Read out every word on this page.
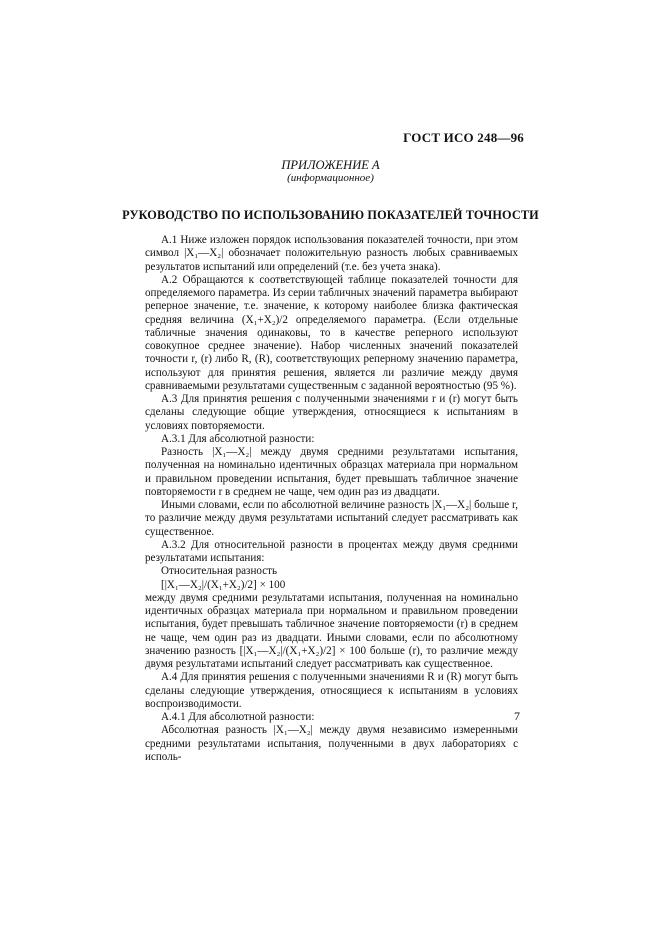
ГОСТ ИСО 248—96
ПРИЛОЖЕНИЕ А
(информационное)
РУКОВОДСТВО ПО ИСПОЛЬЗОВАНИЮ ПОКАЗАТЕЛЕЙ ТОЧНОСТИ

А.1 Ниже изложен порядок использования показателей точности, при этом символ |X₁—X₂| обозначает положительную разность любых сравниваемых результатов испытаний или определений (т.е. без учета знака).

А.2 Обращаются к соответствующей таблице показателей точности для определяемого параметра. Из серии табличных значений параметра выбирают реперное значение, т.е. значение, к которому наиболее близка фактическая средняя величина (X₁+X₂)/2 определяемого параметра. (Если отдельные табличные значения одинаковы, то в качестве реперного используют совокупное среднее значение). Набор численных значений показателей точности r, (r) либо R, (R), соответствующих реперному значению параметра, используют для принятия решения, является ли различие между двумя сравниваемыми результатами существенным с заданной вероятностью (95 %).

А.3 Для принятия решения с полученными значениями r и (r) могут быть сделаны следующие общие утверждения, относящиеся к испытаниям в условиях повторяемости.

А.3.1 Для абсолютной разности:

Разность |X₁—X₂| между двумя средними результатами испытания, полученная на номинально идентичных образцах материала при нормальном и правильном проведении испытания, будет превышать табличное значение повторяемости r в среднем не чаще, чем один раз из двадцати.

Иными словами, если по абсолютной величине разность |X₁—X₂| больше r, то различие между двумя результатами испытаний следует рассматривать как существенное.

А.3.2 Для относительной разности в процентах между двумя средними результатами испытания:

Относительная разность

[|X₁—X₂|/(X₁+X₂)/2] × 100

между двумя средними результатами испытания, полученная на номинально идентичных образцах материала при нормальном и правильном проведении испытания, будет превышать табличное значение повторяемости (r) в среднем не чаще, чем один раз из двадцати. Иными словами, если по абсолютному значению разность [|X₁—X₂|/(X₁+X₂)/2] × 100 больше (r), то различие между двумя результатами испытаний следует рассматривать как существенное.

А.4 Для принятия решения с полученными значениями R и (R) могут быть сделаны следующие утверждения, относящиеся к испытаниям в условиях воспроизводимости.

А.4.1 Для абсолютной разности:

Абсолютная разность |X₁—X₂| между двумя независимо измеренными средними результатами испытания, полученными в двух лабораториях с исполь-

7
